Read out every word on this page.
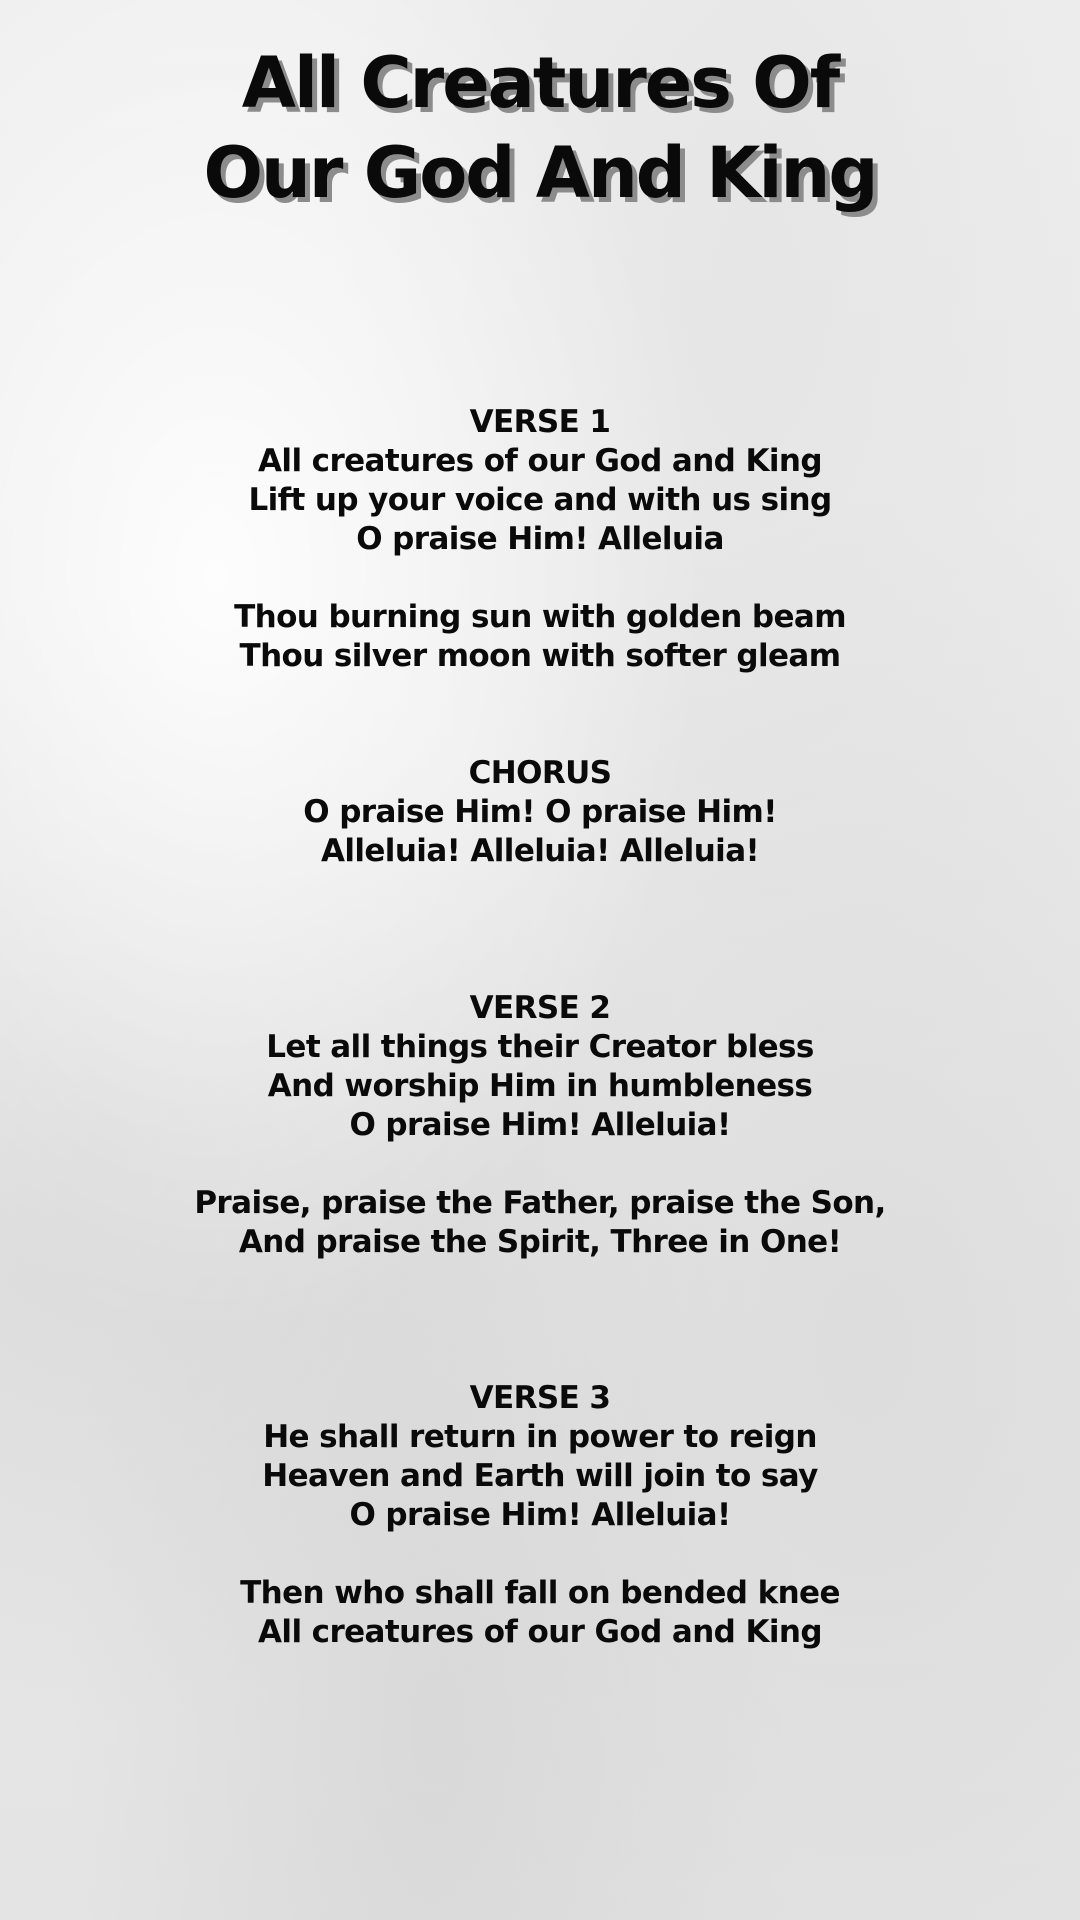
All Creatures Of
Our God And King
VERSE 1
All creatures of our God and King
Lift up your voice and with us sing
O praise Him! Alleluia
Thou burning sun with golden beam
Thou silver moon with softer gleam
CHORUS
O praise Him! O praise Him!
Alleluia! Alleluia! Alleluia!
VERSE 2
Let all things their Creator bless
And worship Him in humbleness
O praise Him! Alleluia!
Praise, praise the Father, praise the Son,
And praise the Spirit, Three in One!
VERSE 3
He shall return in power to reign
Heaven and Earth will join to say
O praise Him! Alleluia!
Then who shall fall on bended knee
All creatures of our God and King
